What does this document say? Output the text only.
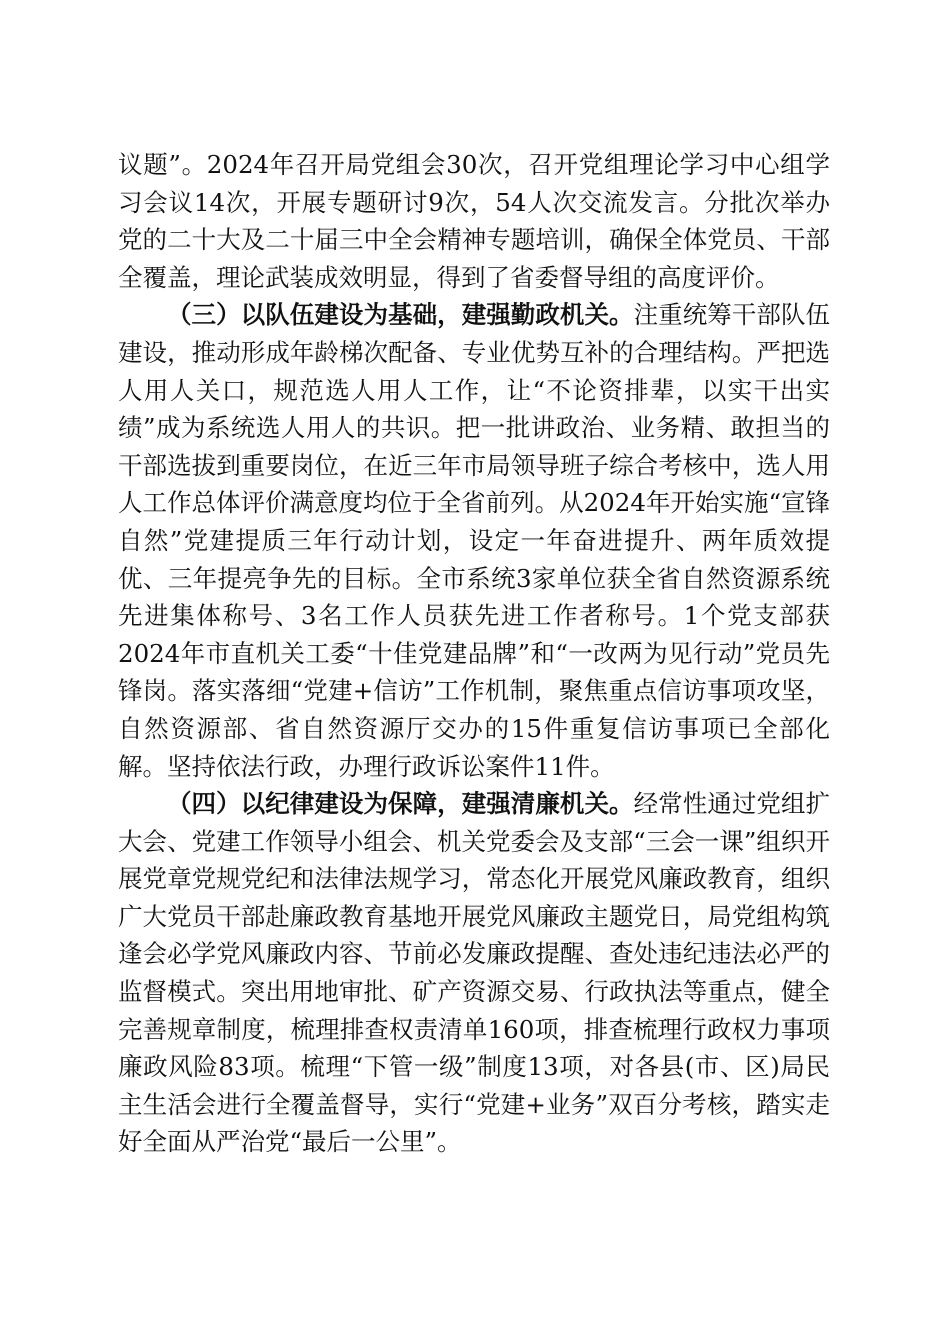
议题”。2024年召开局党组会30次，召开党组理论学习中心组学习会议14次，开展专题研讨9次，54人次交流发言。分批次举办党的二十大及二十届三中全会精神专题培训，确保全体党员、干部全覆盖，理论武装成效明显，得到了省委督导组的高度评价。

（三）以队伍建设为基础，建强勤政机关。注重统筹干部队伍建设，推动形成年龄梯次配备、专业优势互补的合理结构。严把选人用人关口，规范选人用人工作，让“不论资排辈，以实干出实绩”成为系统选人用人的共识。把一批讲政治、业务精、敢担当的干部选拔到重要岗位，在近三年市局领导班子综合考核中，选人用人工作总体评价满意度均位于全省前列。从2024年开始实施“宣锋自然”党建提质三年行动计划，设定一年奋进提升、两年质效提优、三年提亮争先的目标。全市系统3家单位获全省自然资源系统先进集体称号、3名工作人员获先进工作者称号。1个党支部获2024年市直机关工委“十佳党建品牌”和“一改两为见行动”党员先锋岗。落实落细“党建+信访”工作机制，聚焦重点信访事项攻坚，自然资源部、省自然资源厅交办的15件重复信访事项已全部化解。坚持依法行政，办理行政诉讼案件11件。

（四）以纪律建设为保障，建强清廉机关。经常性通过党组扩大会、党建工作领导小组会、机关党委会及支部“三会一课”组织开展党章党规党纪和法律法规学习，常态化开展党风廉政教育，组织广大党员干部赴廉政教育基地开展党风廉政主题党日，局党组构筑逢会必学党风廉政内容、节前必发廉政提醒、查处违纪违法必严的监督模式。突出用地审批、矿产资源交易、行政执法等重点，健全完善规章制度，梳理排查权责清单160项，排查梳理行政权力事项廉政风险83项。梳理“下管一级”制度13项，对各县(市、区)局民主生活会进行全覆盖督导，实行“党建+业务”双百分考核，踏实走好全面从严治党“最后一公里”。
